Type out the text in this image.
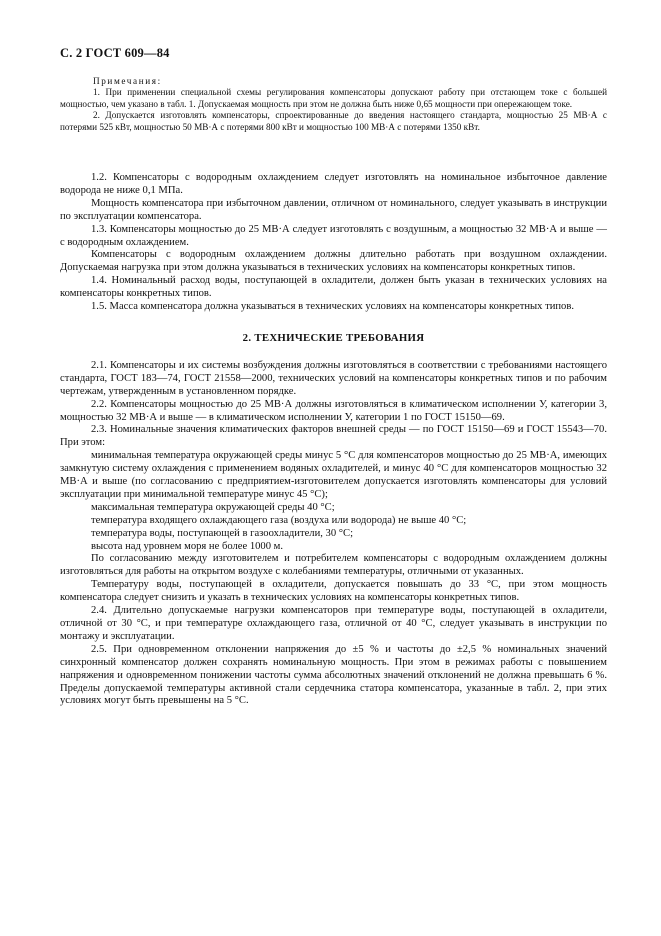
С. 2 ГОСТ 609—84
Примечания:

1. При применении специальной схемы регулирования компенсаторы допускают работу при отстающем токе с большей мощностью, чем указано в табл. 1. Допускаемая мощность при этом не должна быть ниже 0,65 мощности при опережающем токе.

2. Допускается изготовлять компенсаторы, спроектированные до введения настоящего стандарта, мощностью 25 МВ·А с потерями 525 кВт, мощностью 50 МВ·А с потерями 800 кВт и мощностью 100 МВ·А с потерями 1350 кВт.

1.2. Компенсаторы с водородным охлаждением следует изготовлять на номинальное избыточное давление водорода не ниже 0,1 МПа.

Мощность компенсатора при избыточном давлении, отличном от номинального, следует указывать в инструкции по эксплуатации компенсатора.

1.3. Компенсаторы мощностью до 25 МВ·А следует изготовлять с воздушным, а мощностью 32 МВ·А и выше — с водородным охлаждением.

Компенсаторы с водородным охлаждением должны длительно работать при воздушном охлаждении. Допускаемая нагрузка при этом должна указываться в технических условиях на компенсаторы конкретных типов.

1.4. Номинальный расход воды, поступающей в охладители, должен быть указан в технических условиях на компенсаторы конкретных типов.

1.5. Масса компенсатора должна указываться в технических условиях на компенсаторы конкретных типов.

2. ТЕХНИЧЕСКИЕ ТРЕБОВАНИЯ

2.1. Компенсаторы и их системы возбуждения должны изготовляться в соответствии с требованиями настоящего стандарта, ГОСТ 183—74, ГОСТ 21558—2000, технических условий на компенсаторы конкретных типов и по рабочим чертежам, утвержденным в установленном порядке.

2.2. Компенсаторы мощностью до 25 МВ·А должны изготовляться в климатическом исполнении У, категории 3, мощностью 32 МВ·А и выше — в климатическом исполнении У, категории 1 по ГОСТ 15150—69.

2.3. Номинальные значения климатических факторов внешней среды — по ГОСТ 15150—69 и ГОСТ 15543—70. При этом:

минимальная температура окружающей среды минус 5 °С для компенсаторов мощностью до 25 МВ·А, имеющих замкнутую систему охлаждения с применением водяных охладителей, и минус 40 °С для компенсаторов мощностью 32 МВ·А и выше (по согласованию с предприятием-изготовителем допускается изготовлять компенсаторы для условий эксплуатации при минимальной температуре минус 45 °С);

максимальная температура окружающей среды 40 °С;

температура входящего охлаждающего газа (воздуха или водорода) не выше 40 °С;

температура воды, поступающей в газоохладители, 30 °С;

высота над уровнем моря не более 1000 м.

По согласованию между изготовителем и потребителем компенсаторы с водородным охлаждением должны изготовляться для работы на открытом воздухе с колебаниями температуры, отличными от указанных.

Температуру воды, поступающей в охладители, допускается повышать до 33 °С, при этом мощность компенсатора следует снизить и указать в технических условиях на компенсаторы конкретных типов.

2.4. Длительно допускаемые нагрузки компенсаторов при температуре воды, поступающей в охладители, отличной от 30 °С, и при температуре охлаждающего газа, отличной от 40 °С, следует указывать в инструкции по монтажу и эксплуатации.

2.5. При одновременном отклонении напряжения до ±5 % и частоты до ±2,5 % номинальных значений синхронный компенсатор должен сохранять номинальную мощность. При этом в режимах работы с повышением напряжения и одновременном понижении частоты сумма абсолютных значений отклонений не должна превышать 6 %. Пределы допускаемой температуры активной стали сердечника статора компенсатора, указанные в табл. 2, при этих условиях могут быть превышены на 5 °С.
